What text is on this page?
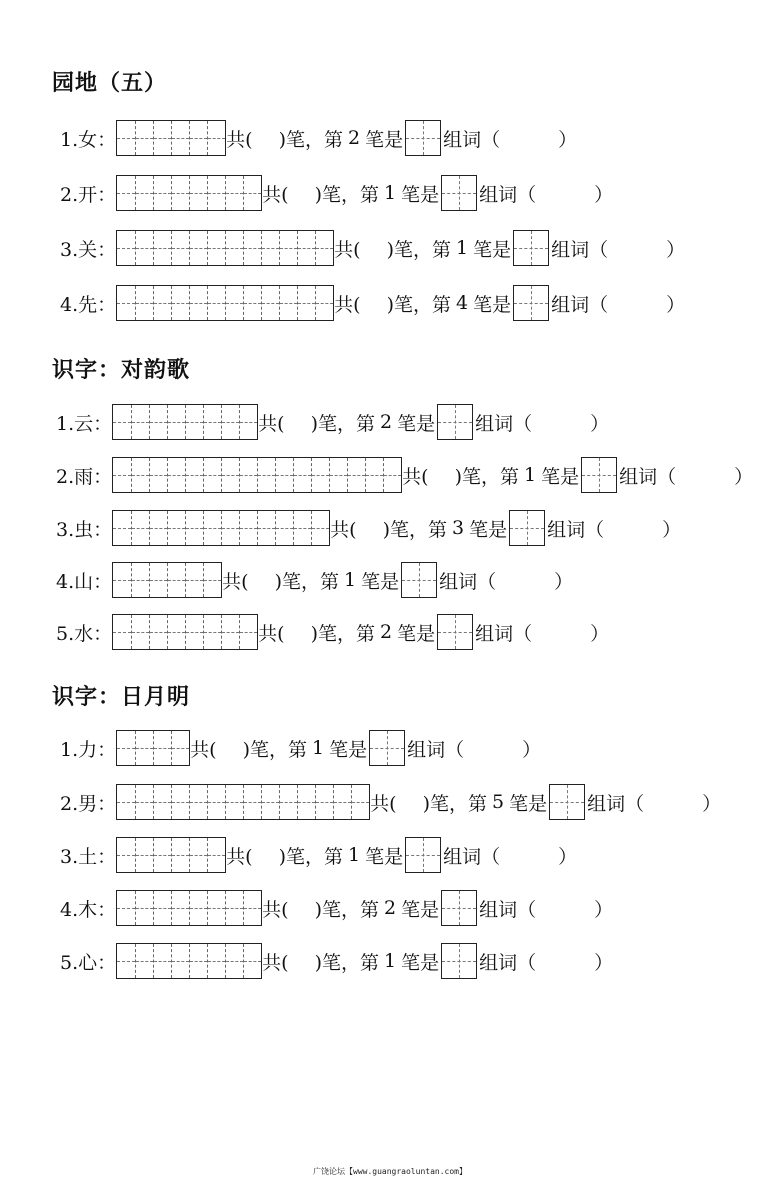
园地（五）
1.女：	共( )笔，第 2 笔是 组词（	）
2.开：	共( )笔，第 1 笔是 组词（	）
3.关：	共( )笔，第 1 笔是 组词（	）
4.先：	共( )笔，第 4 笔是 组词（	）
识字：对韵歌
1.云：	共( )笔，第 2 笔是 组词（	）
2.雨：	共( )笔，第 1 笔是 组词（	）
3.虫：	共( )笔，第 3 笔是 组词（	）
4.山：	共( )笔，第 1 笔是 组词（	）
5.水：	共( )笔，第 2 笔是 组词（	）
识字：日月明
1.力：	共( )笔，第 1 笔是 组词（	）
2.男：	共( )笔，第 5 笔是 组词（	）
3.土：	共( )笔，第 1 笔是 组词（	）
4.木：	共( )笔，第 2 笔是 组词（	）
5.心：	共( )笔，第 1 笔是 组词（	）
广饶论坛【www.guangraoluntan.com】
